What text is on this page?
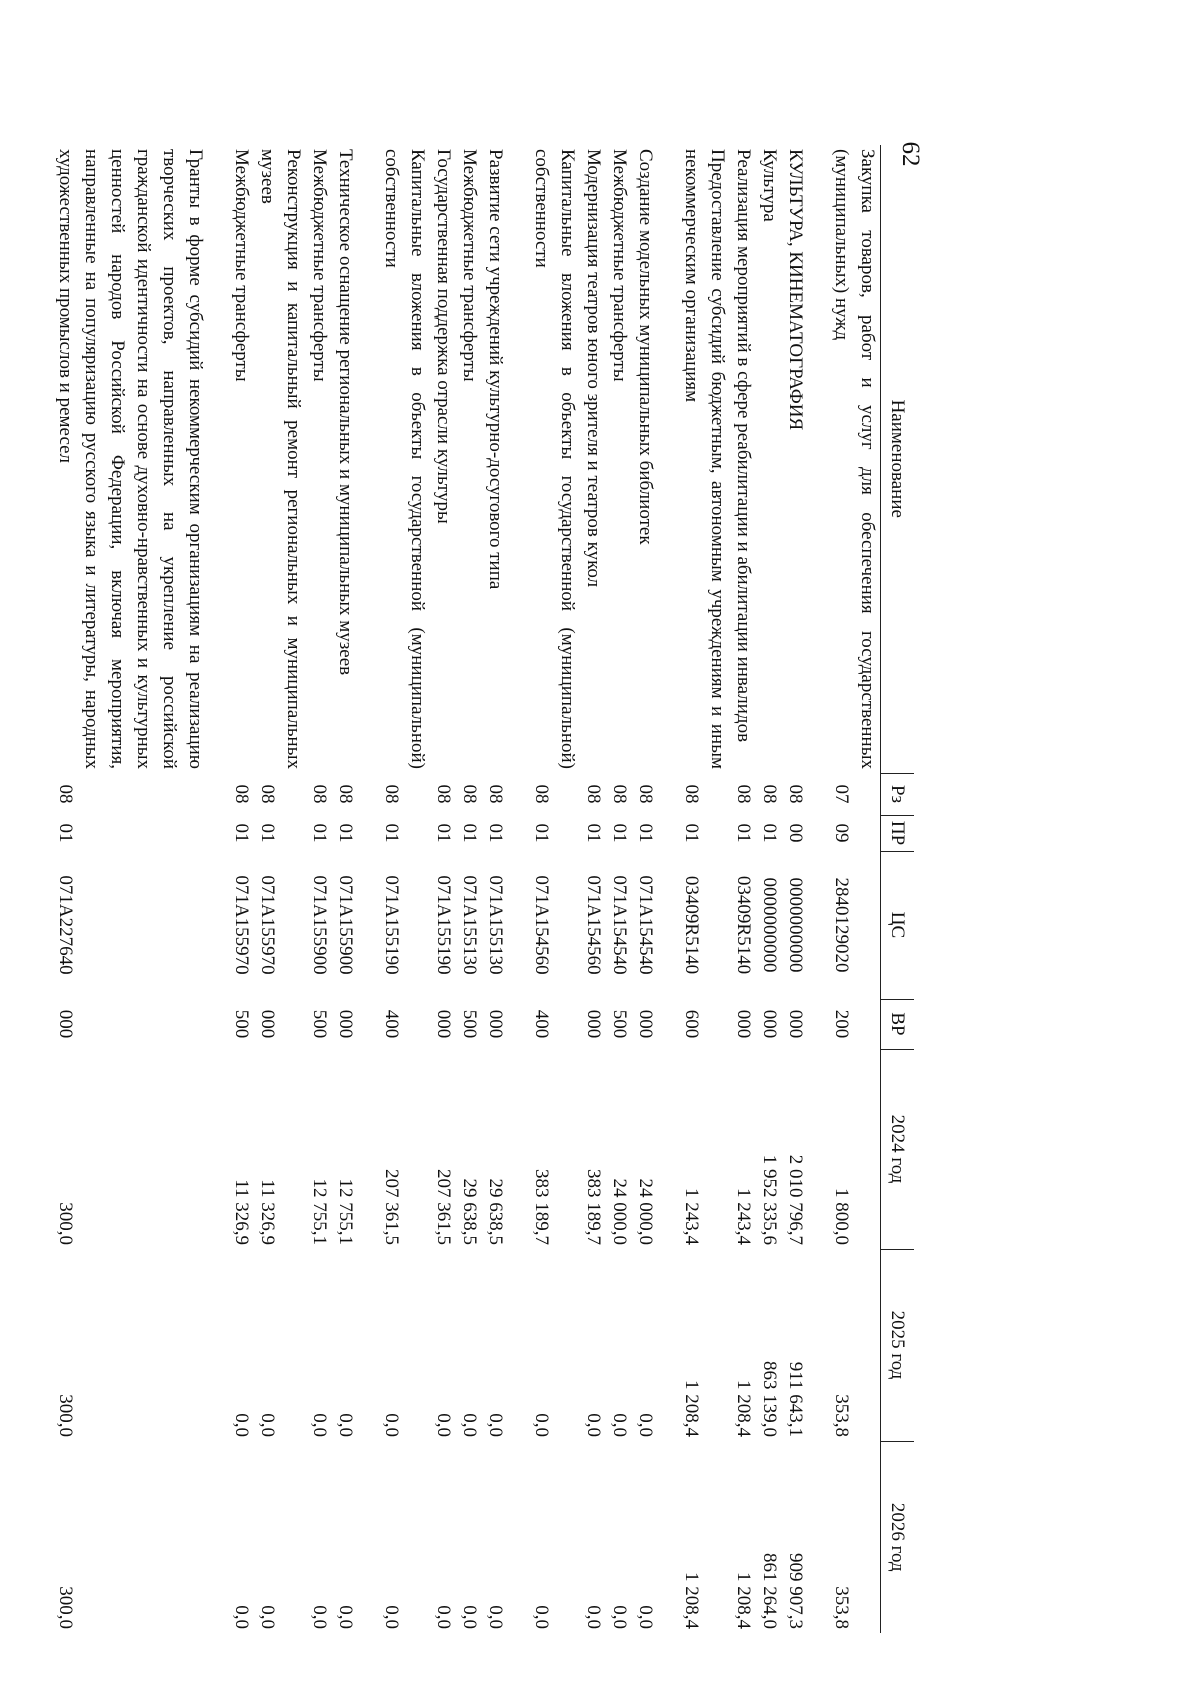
62
Наименование	Рз	ПР	ЦС	ВР	2024 год	2025 год	2026 год
Закупка товаров, работ и услуг для обеспечения государственных (муниципальных) нужд	07	09	2840129020	200	1 800,0	353,8	353,8

КУЛЬТУРА, КИНЕМАТОГРАФИЯ	08	00	0000000000	000	2 010 796,7	911 643,1	909 907,3
Культура	08	01	0000000000	000	1 952 335,6	863 139,0	861 264,0
Реализация мероприятий в сфере реабилитации и абилитации инвалидов	08	01	03409R5140	000	1 243,4	1 208,4	1 208,4
Предоставление субсидий бюджетным, автономным учреждениям и иным некоммерческим организациям	08	01	03409R5140	600	1 243,4	1 208,4	1 208,4

Создание модельных муниципальных библиотек	08	01	071A154540	000	24 000,0	0,0	0,0
Межбюджетные трансферты	08	01	071A154540	500	24 000,0	0,0	0,0
Модернизация театров юного зрителя и театров кукол	08	01	071A154560	000	383 189,7	0,0	0,0
Капитальные вложения в объекты государственной (муниципальной) собственности	08	01	071A154560	400	383 189,7	0,0	0,0

Развитие сети учреждений культурно-досугового типа	08	01	071A155130	000	29 638,5	0,0	0,0
Межбюджетные трансферты	08	01	071A155130	500	29 638,5	0,0	0,0
Государственная поддержка отрасли культуры	08	01	071A155190	000	207 361,5	0,0	0,0
Капитальные вложения в объекты государственной (муниципальной) собственности	08	01	071A155190	400	207 361,5	0,0	0,0

Техническое оснащение региональных и муниципальных музеев	08	01	071A155900	000	12 755,1	0,0	0,0
Межбюджетные трансферты	08	01	071A155900	500	12 755,1	0,0	0,0
Реконструкция и капитальный ремонт региональных и муниципальных музеев	08	01	071A155970	000	11 326,9	0,0	0,0
Межбюджетные трансферты	08	01	071A155970	500	11 326,9	0,0	0,0

Гранты в форме субсидий некоммерческим организациям на реализацию творческих проектов, направленных на укрепление российской гражданской идентичности на основе духовно-нравственных и культурных ценностей народов Российской Федерации, включая мероприятия, направленные на популяризацию русского языка и литературы, народных художественных промыслов и ремесел	08	01	071A227640	000	300,0	300,0	300,0
